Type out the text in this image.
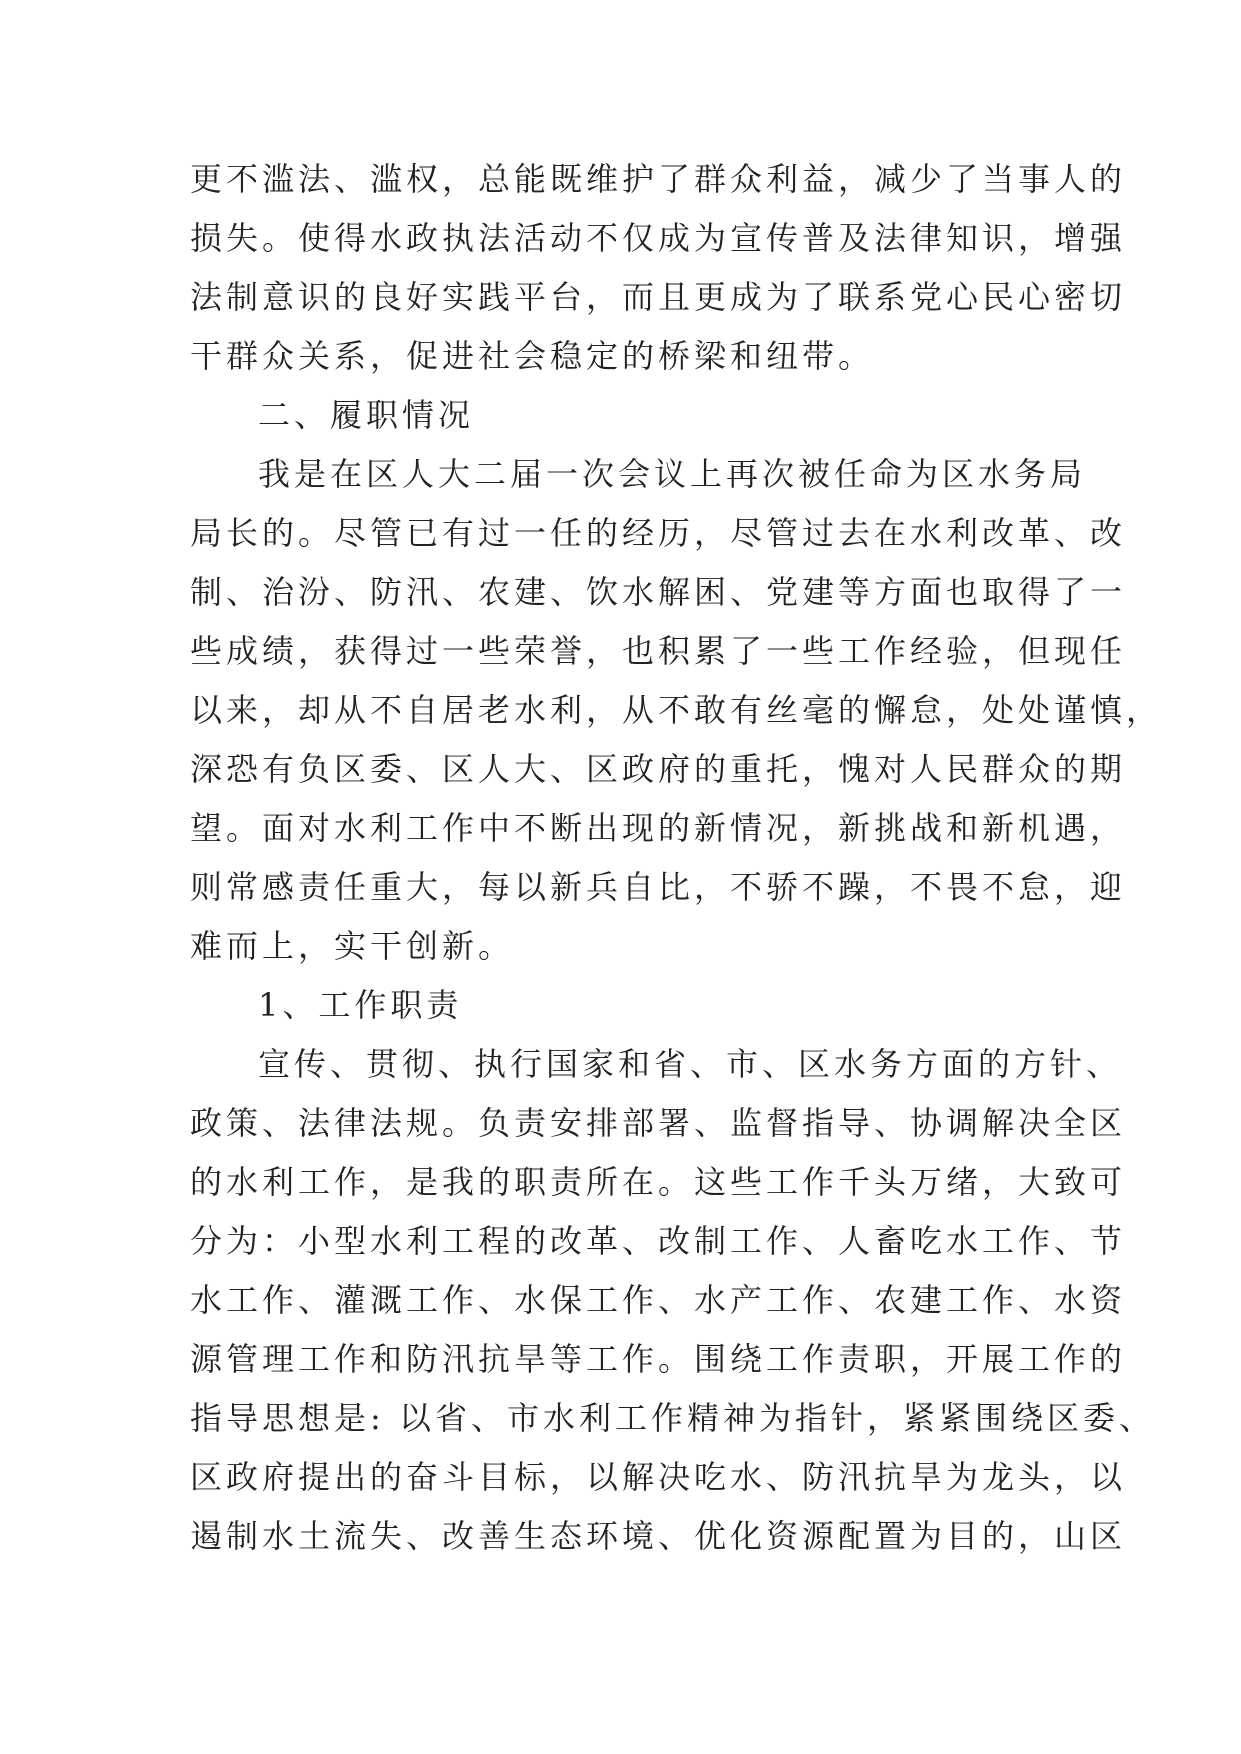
更不滥法、滥权，总能既维护了群众利益，减少了当事人的
损失。使得水政执法活动不仅成为宣传普及法律知识，增强
法制意识的良好实践平台，而且更成为了联系党心民心密切
干群众关系，促进社会稳定的桥梁和纽带。
二、履职情况
我是在区人大二届一次会议上再次被任命为区水务局
局长的。尽管已有过一任的经历，尽管过去在水利改革、改
制、治汾、防汛、农建、饮水解困、党建等方面也取得了一
些成绩，获得过一些荣誉，也积累了一些工作经验，但现任
以来，却从不自居老水利，从不敢有丝毫的懈怠，处处谨慎，
深恐有负区委、区人大、区政府的重托，愧对人民群众的期
望。面对水利工作中不断出现的新情况，新挑战和新机遇，
则常感责任重大，每以新兵自比，不骄不躁，不畏不怠，迎
难而上，实干创新。
1、工作职责
宣传、贯彻、执行国家和省、市、区水务方面的方针、
政策、法律法规。负责安排部署、监督指导、协调解决全区
的水利工作，是我的职责所在。这些工作千头万绪，大致可
分为：小型水利工程的改革、改制工作、人畜吃水工作、节
水工作、灌溉工作、水保工作、水产工作、农建工作、水资
源管理工作和防汛抗旱等工作。围绕工作责职，开展工作的
指导思想是: 以省、市水利工作精神为指针，紧紧围绕区委、
区政府提出的奋斗目标，以解决吃水、防汛抗旱为龙头，以
遏制水土流失、改善生态环境、优化资源配置为目的，山区
